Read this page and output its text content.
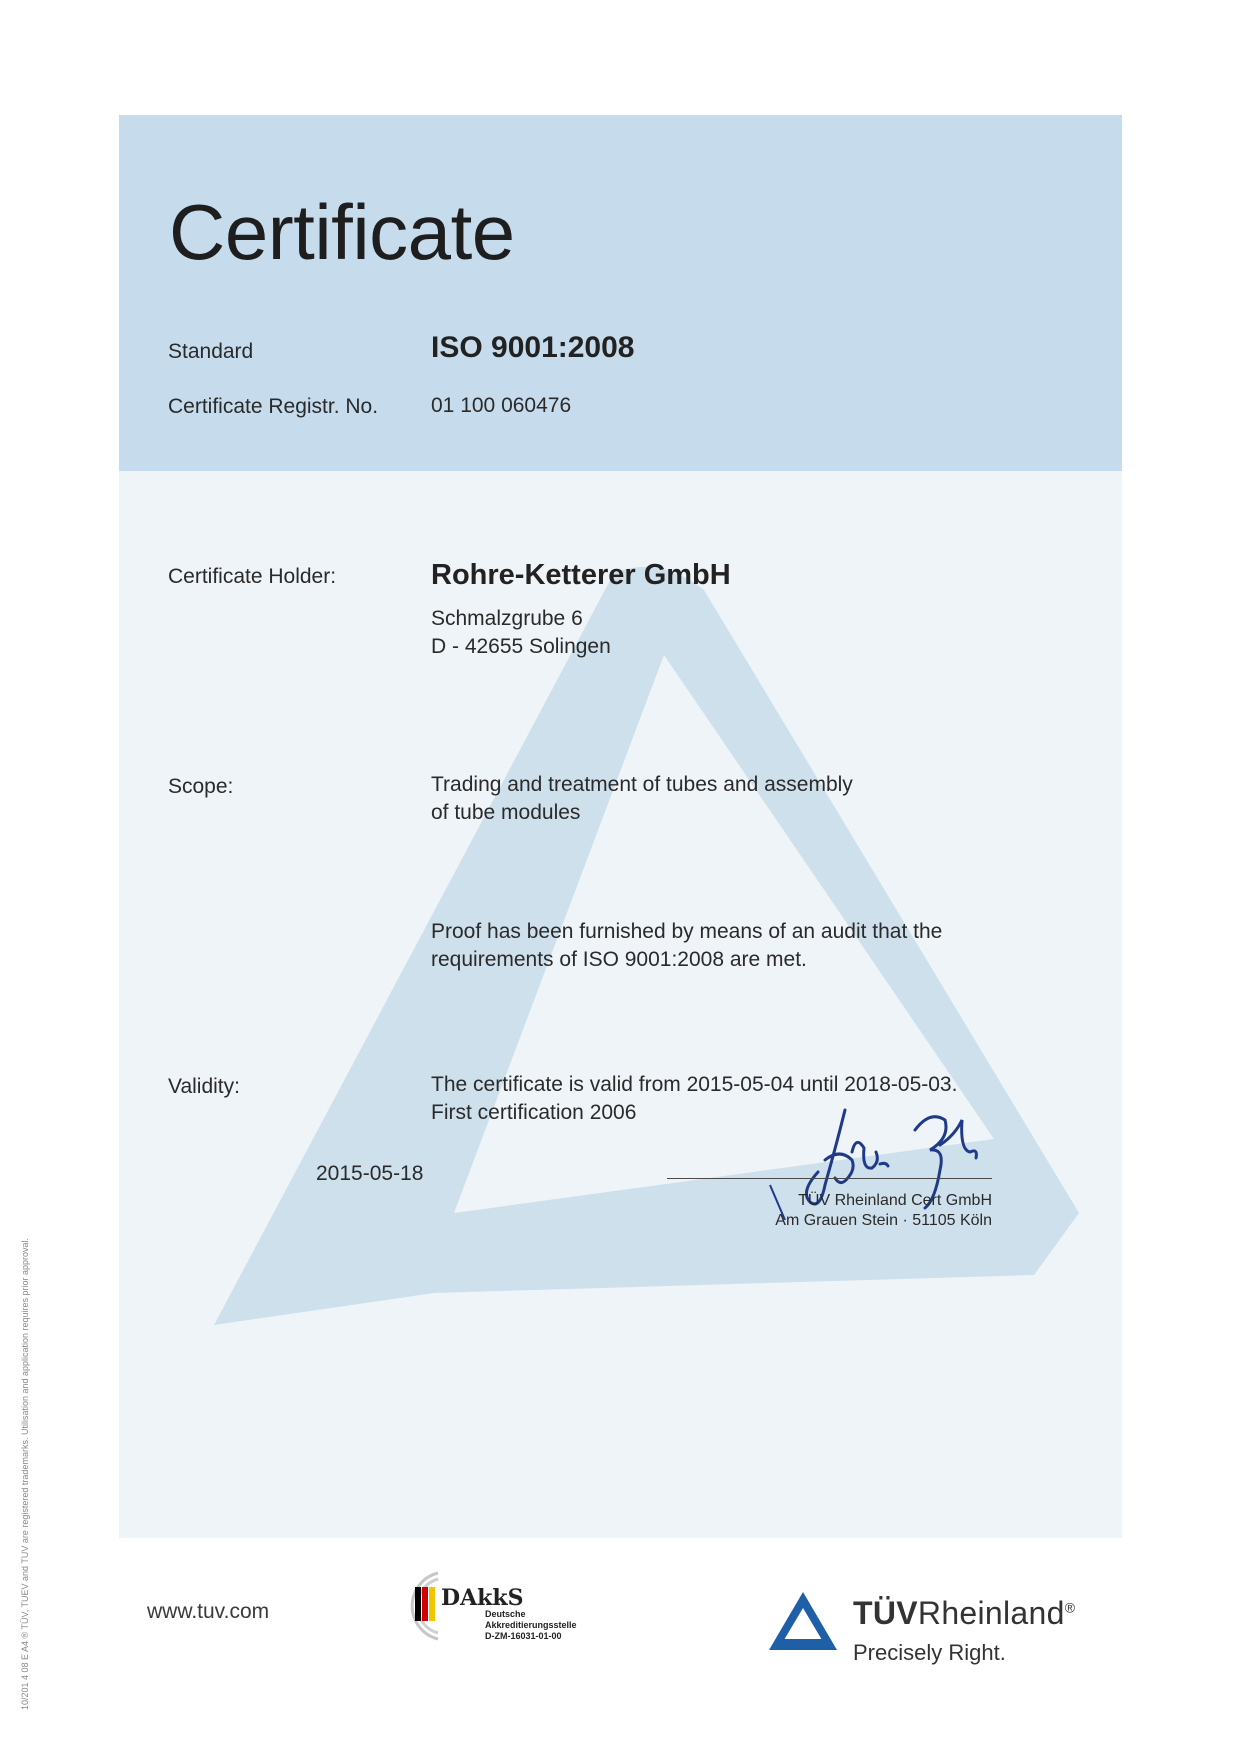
Certificate
Standard	ISO 9001:2008
Certificate Registr. No.	01 100 060476
Certificate Holder:	Rohre-Ketterer GmbH
Schmalzgrube 6
D - 42655 Solingen
Scope:	Trading and treatment of tubes and assembly
of tube modules
Proof has been furnished by means of an audit that the
requirements of ISO 9001:2008 are met.
Validity:	The certificate is valid from 2015-05-04 until 2018-05-03.
First certification 2006
2015-05-18
TÜV Rheinland Cert GmbH
Am Grauen Stein · 51105 Köln
www.tuv.com
DAkkS
Deutsche
Akkreditierungsstelle
D-ZM-16031-01-00
TÜVRheinland®
Precisely Right.
10/201 4 08 E A4 ® TÜV, TUEV and TUV are registered trademarks. Utilisation and application requires prior approval.
